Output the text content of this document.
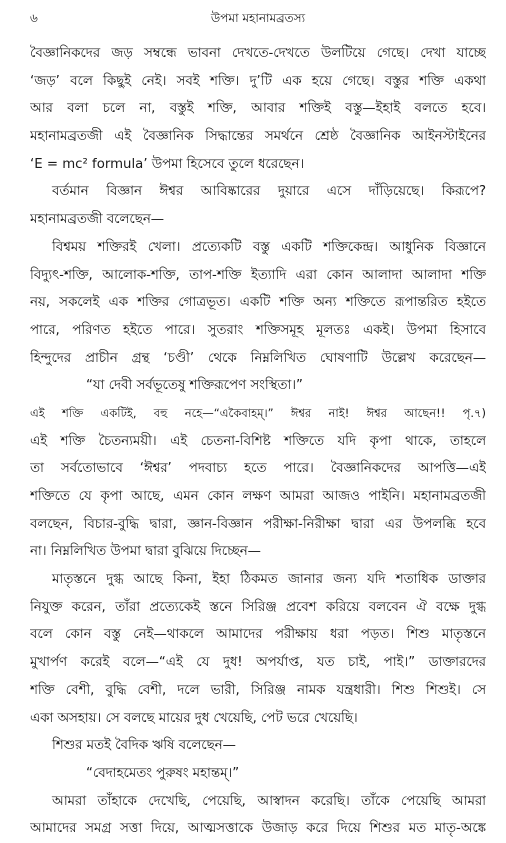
৬	উপমা মহানামব্রতস্য
বৈজ্ঞানিকদের জড় সম্বন্ধে ভাবনা দেখতে-দেখতে উলটিয়ে গেছে। দেখা যাচ্ছে
‘জড়’ বলে কিছুই নেই। সবই শক্তি। দু’টি এক হয়ে গেছে। বস্তুর শক্তি একথা
আর বলা চলে না, বস্তুই শক্তি, আবার শক্তিই বস্তু—ইহাই বলতে হবে।
মহানামব্রতজী এই বৈজ্ঞানিক সিদ্ধান্তের সমর্থনে শ্রেষ্ঠ বৈজ্ঞানিক আইনস্টাইনের
‘E = mc² formula’ উপমা হিসেবে তুলে ধরেছেন।
বর্তমান বিজ্ঞান ঈশ্বর আবিষ্কারের দুয়ারে এসে দাঁড়িয়েছে। কিরূপে?
মহানামব্রতজী বলেছেন—
বিশ্বময় শক্তিরই খেলা। প্রত্যেকটি বস্তু একটি শক্তিকেন্দ্র। আধুনিক বিজ্ঞানে
বিদ্যুৎ-শক্তি, আলোক-শক্তি, তাপ-শক্তি ইত্যাদি এরা কোন আলাদা আলাদা শক্তি
নয়, সকলেই এক শক্তির গোত্রভূত। একটি শক্তি অন্য শক্তিতে রূপান্তরিত হইতে
পারে, পরিণত হইতে পারে। সুতরাং শক্তিসমূহ মূলতঃ একই। উপমা হিসাবে
হিন্দুদের প্রাচীন গ্রন্থ ‘চণ্ডী’ থেকে নিম্নলিখিত ঘোষণাটি উল্লেখ করেছেন—
“যা দেবী সর্বভূতেষু শক্তিরূপেণ সংস্থিতা।”
এই শক্তি একটিই, বহু নহে—“একৈবাহম্।” ঈশ্বর নাই! ঈশ্বর আছেন!! পৃ.৭)
এই শক্তি চৈতন্যময়ী। এই চেতনা-বিশিষ্ট শক্তিতে যদি কৃপা থাকে, তাহলে
তা সর্বতোভাবে ‘ঈশ্বর’ পদবাচ্য হতে পারে। বৈজ্ঞানিকদের আপত্তি—এই
শক্তিতে যে কৃপা আছে, এমন কোন লক্ষণ আমরা আজও পাইনি। মহানামব্রতজী
বলছেন, বিচার-বুদ্ধি দ্বারা, জ্ঞান-বিজ্ঞান পরীক্ষা-নিরীক্ষা দ্বারা এর উপলব্ধি হবে
না। নিম্নলিখিত উপমা দ্বারা বুঝিয়ে দিচ্ছেন—
মাতৃস্তনে দুগ্ধ আছে কিনা, ইহা ঠিকমত জানার জন্য যদি শতাধিক ডাক্তার
নিযুক্ত করেন, তাঁরা প্রত্যেকেই স্তনে সিরিঞ্জ প্রবেশ করিয়ে বলবেন ঐ বক্ষে দুগ্ধ
বলে কোন বস্তু নেই—থাকলে আমাদের পরীক্ষায় ধরা পড়ত। শিশু মাতৃস্তনে
মুখার্পণ করেই বলে—“এই যে দুধ! অপর্যাপ্ত, যত চাই, পাই।” ডাক্তারদের
শক্তি বেশী, বুদ্ধি বেশী, দলে ভারী, সিরিঞ্জ নামক যন্ত্রধারী। শিশু শিশুই। সে
একা অসহায়। সে বলছে মায়ের দুধ খেয়েছি, পেট ভরে খেয়েছি।
শিশুর মতই বৈদিক ঋষি বলেছেন—
“বেদাহমেতং পুরুষং মহান্তম্।”
আমরা তাঁহাকে দেখেছি, পেয়েছি, আস্বাদন করেছি। তাঁকে পেয়েছি আমরা
আমাদের সমগ্র সত্তা দিয়ে, আত্মসত্তাকে উজাড় করে দিয়ে শিশুর মত মাতৃ-অঙ্কে
